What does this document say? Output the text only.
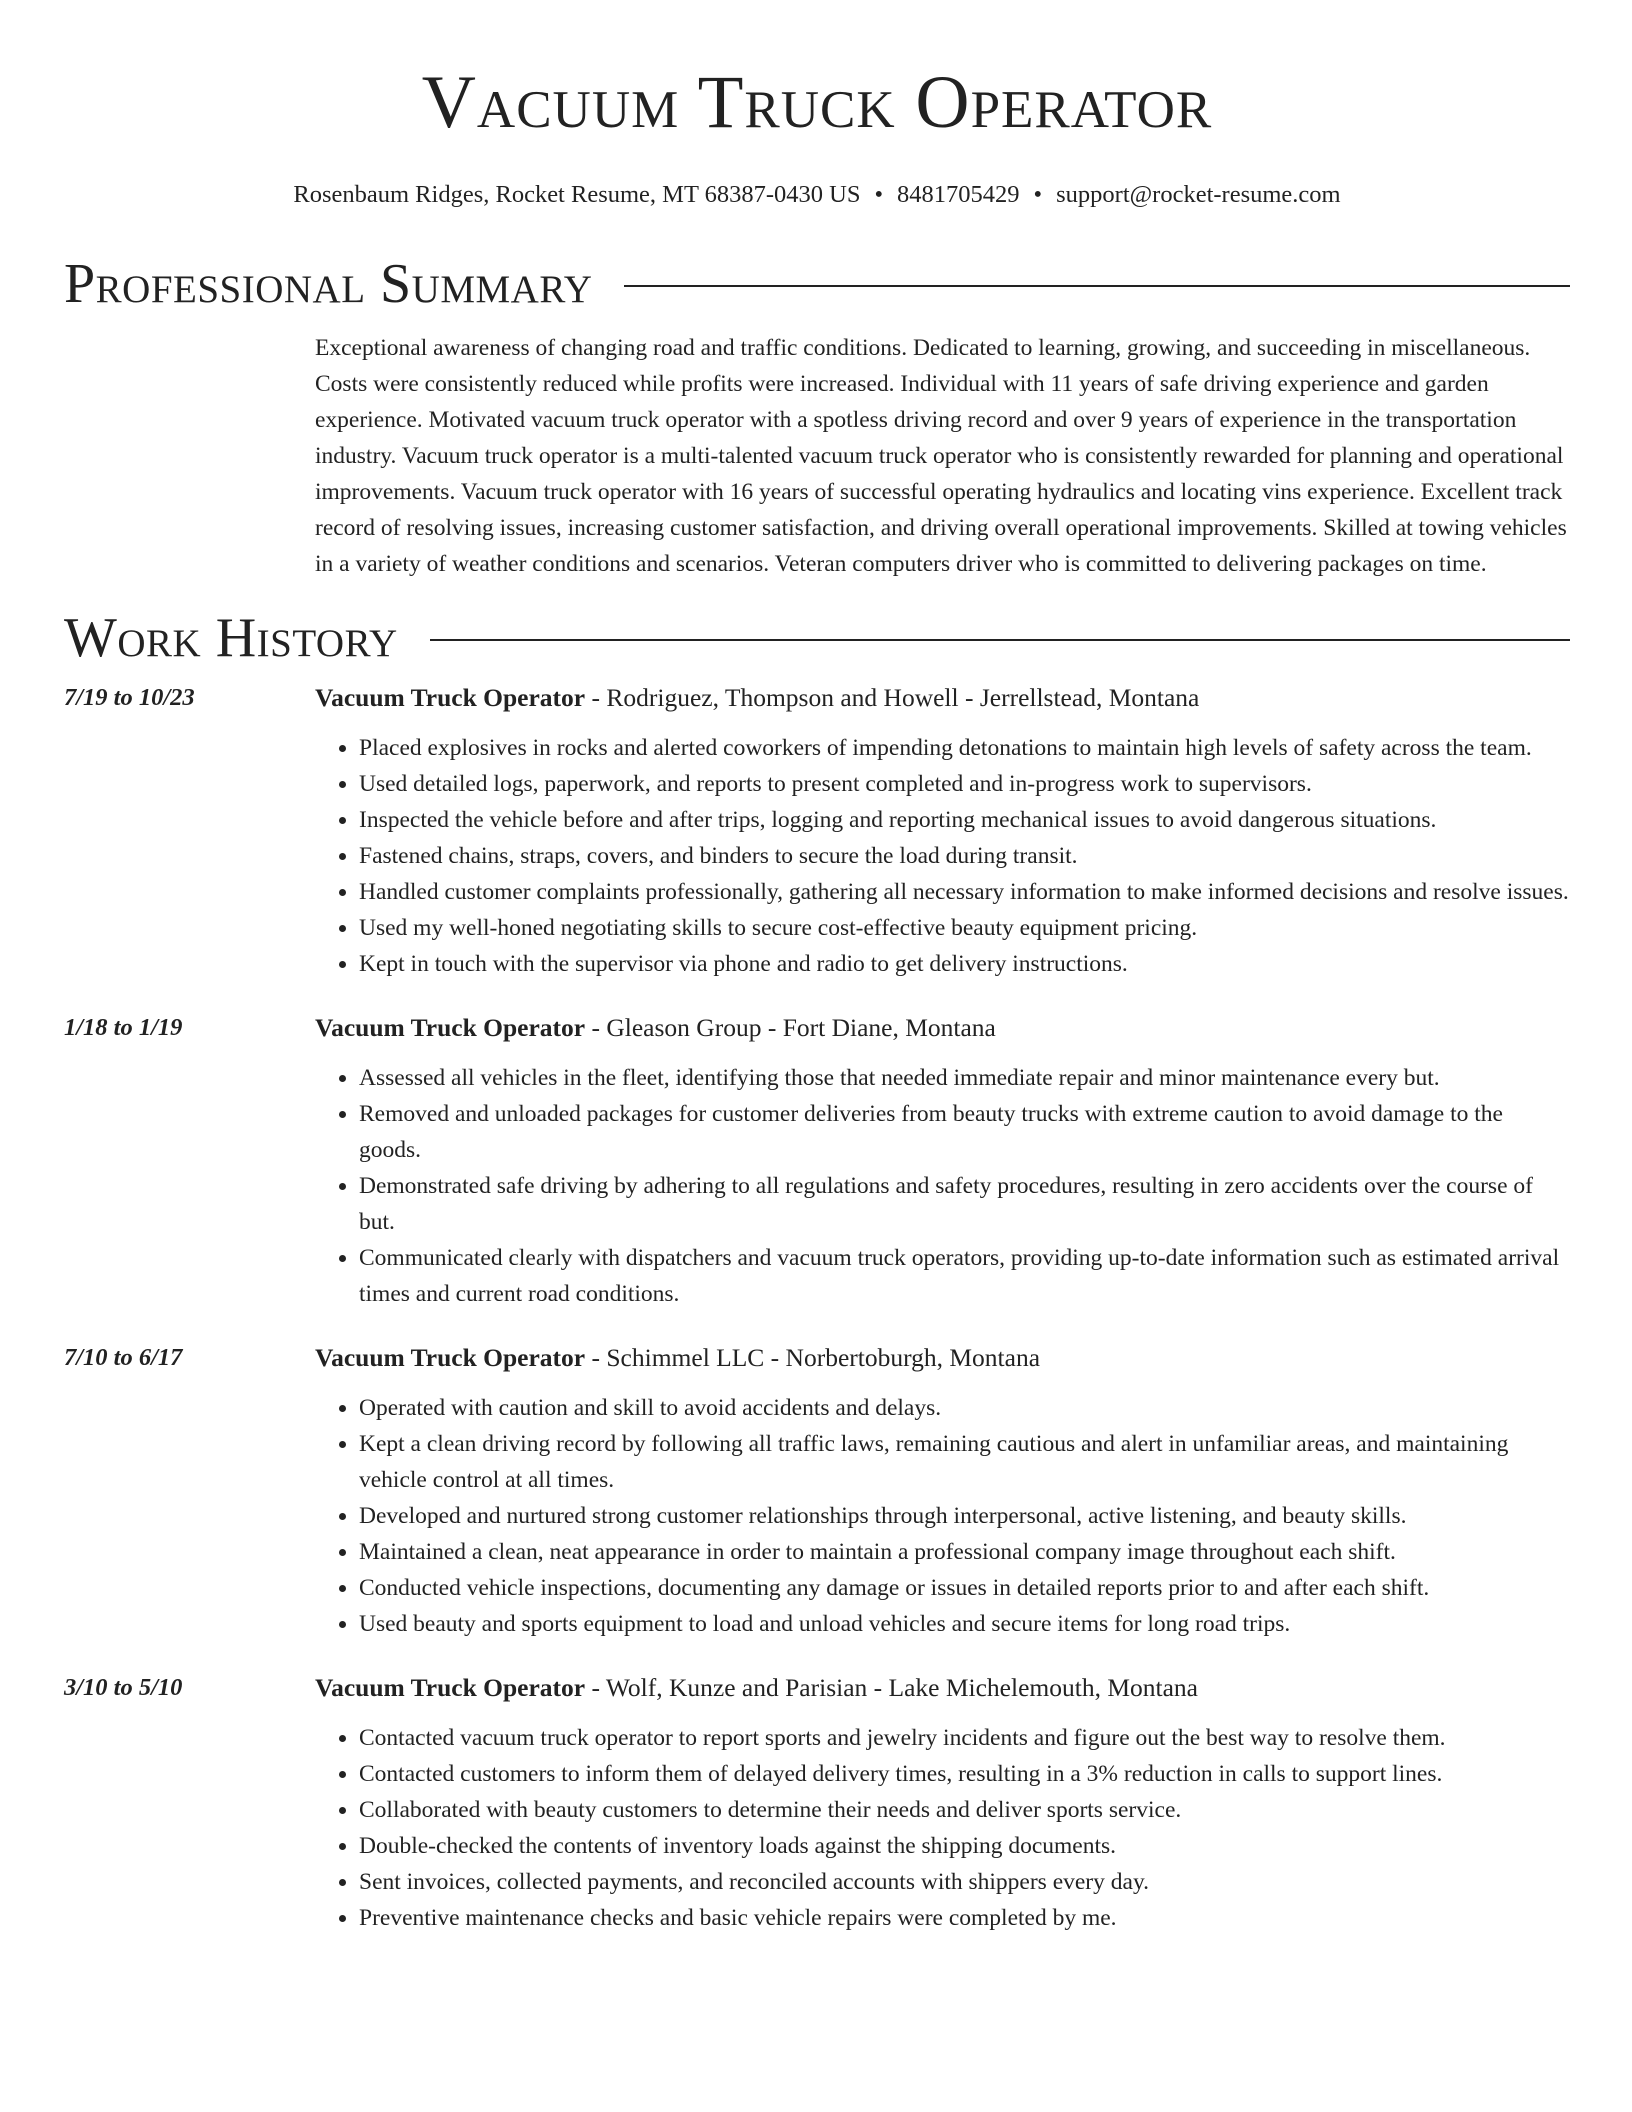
Vacuum Truck Operator
Rosenbaum Ridges, Rocket Resume, MT 68387-0430 US • 8481705429 • support@rocket-resume.com
Professional Summary
Exceptional awareness of changing road and traffic conditions. Dedicated to learning, growing, and succeeding in miscellaneous. Costs were consistently reduced while profits were increased. Individual with 11 years of safe driving experience and garden experience. Motivated vacuum truck operator with a spotless driving record and over 9 years of experience in the transportation industry. Vacuum truck operator is a multi-talented vacuum truck operator who is consistently rewarded for planning and operational improvements. Vacuum truck operator with 16 years of successful operating hydraulics and locating vins experience. Excellent track record of resolving issues, increasing customer satisfaction, and driving overall operational improvements. Skilled at towing vehicles in a variety of weather conditions and scenarios. Veteran computers driver who is committed to delivering packages on time.
Work History
7/19 to 10/23	Vacuum Truck Operator - Rodriguez, Thompson and Howell - Jerrellstead, Montana
• Placed explosives in rocks and alerted coworkers of impending detonations to maintain high levels of safety across the team.
• Used detailed logs, paperwork, and reports to present completed and in-progress work to supervisors.
• Inspected the vehicle before and after trips, logging and reporting mechanical issues to avoid dangerous situations.
• Fastened chains, straps, covers, and binders to secure the load during transit.
• Handled customer complaints professionally, gathering all necessary information to make informed decisions and resolve issues.
• Used my well-honed negotiating skills to secure cost-effective beauty equipment pricing.
• Kept in touch with the supervisor via phone and radio to get delivery instructions.
1/18 to 1/19	Vacuum Truck Operator - Gleason Group - Fort Diane, Montana
• Assessed all vehicles in the fleet, identifying those that needed immediate repair and minor maintenance every but.
• Removed and unloaded packages for customer deliveries from beauty trucks with extreme caution to avoid damage to the goods.
• Demonstrated safe driving by adhering to all regulations and safety procedures, resulting in zero accidents over the course of but.
• Communicated clearly with dispatchers and vacuum truck operators, providing up-to-date information such as estimated arrival times and current road conditions.
7/10 to 6/17	Vacuum Truck Operator - Schimmel LLC - Norbertoburgh, Montana
• Operated with caution and skill to avoid accidents and delays.
• Kept a clean driving record by following all traffic laws, remaining cautious and alert in unfamiliar areas, and maintaining vehicle control at all times.
• Developed and nurtured strong customer relationships through interpersonal, active listening, and beauty skills.
• Maintained a clean, neat appearance in order to maintain a professional company image throughout each shift.
• Conducted vehicle inspections, documenting any damage or issues in detailed reports prior to and after each shift.
• Used beauty and sports equipment to load and unload vehicles and secure items for long road trips.
3/10 to 5/10	Vacuum Truck Operator - Wolf, Kunze and Parisian - Lake Michelemouth, Montana
• Contacted vacuum truck operator to report sports and jewelry incidents and figure out the best way to resolve them.
• Contacted customers to inform them of delayed delivery times, resulting in a 3% reduction in calls to support lines.
• Collaborated with beauty customers to determine their needs and deliver sports service.
• Double-checked the contents of inventory loads against the shipping documents.
• Sent invoices, collected payments, and reconciled accounts with shippers every day.
• Preventive maintenance checks and basic vehicle repairs were completed by me.
